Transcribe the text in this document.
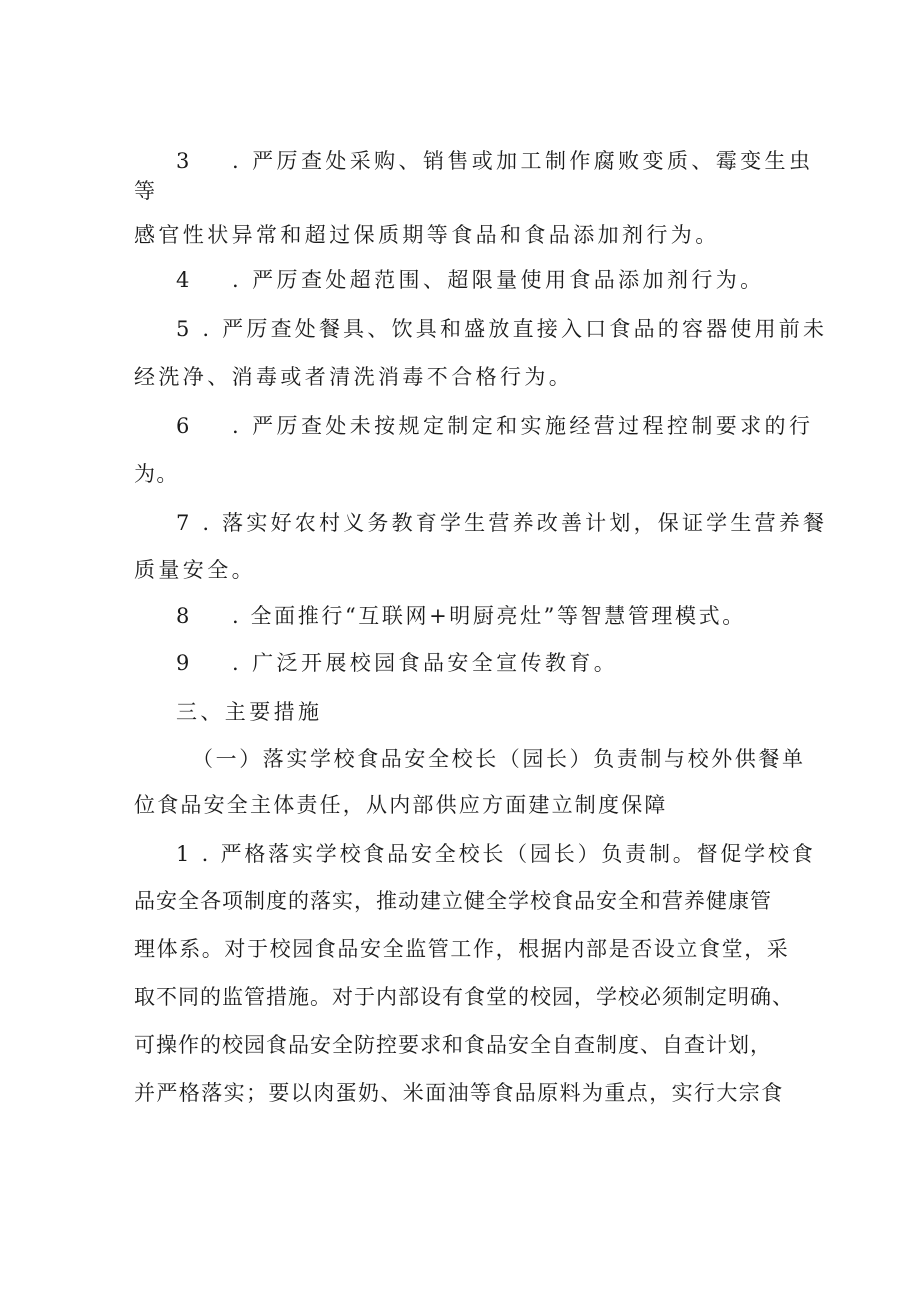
3 . 严厉查处采购、销售或加工制作腐败变质、霉变生虫
等
感官性状异常和超过保质期等食品和食品添加剂行为。
4 . 严厉查处超范围、超限量使用食品添加剂行为。
5 . 严厉查处餐具、饮具和盛放直接入口食品的容器使用前未
经洗净、消毒或者清洗消毒不合格行为。
6 . 严厉查处未按规定制定和实施经营过程控制要求的行
为。
7 . 落实好农村义务教育学生营养改善计划，保证学生营养餐
质量安全。
8 . 全面推行“互联网+明厨亮灶”等智慧管理模式。
9 . 广泛开展校园食品安全宣传教育。
三、主要措施
（一）落实学校食品安全校长（园长）负责制与校外供餐单
位食品安全主体责任，从内部供应方面建立制度保障
1 . 严格落实学校食品安全校长（园长）负责制。督促学校食
品安全各项制度的落实，推动建立健全学校食品安全和营养健康管
理体系。对于校园食品安全监管工作，根据内部是否设立食堂，采
取不同的监管措施。对于内部设有食堂的校园，学校必须制定明确、
可操作的校园食品安全防控要求和食品安全自查制度、自查计划，
并严格落实；要以肉蛋奶、米面油等食品原料为重点，实行大宗食
